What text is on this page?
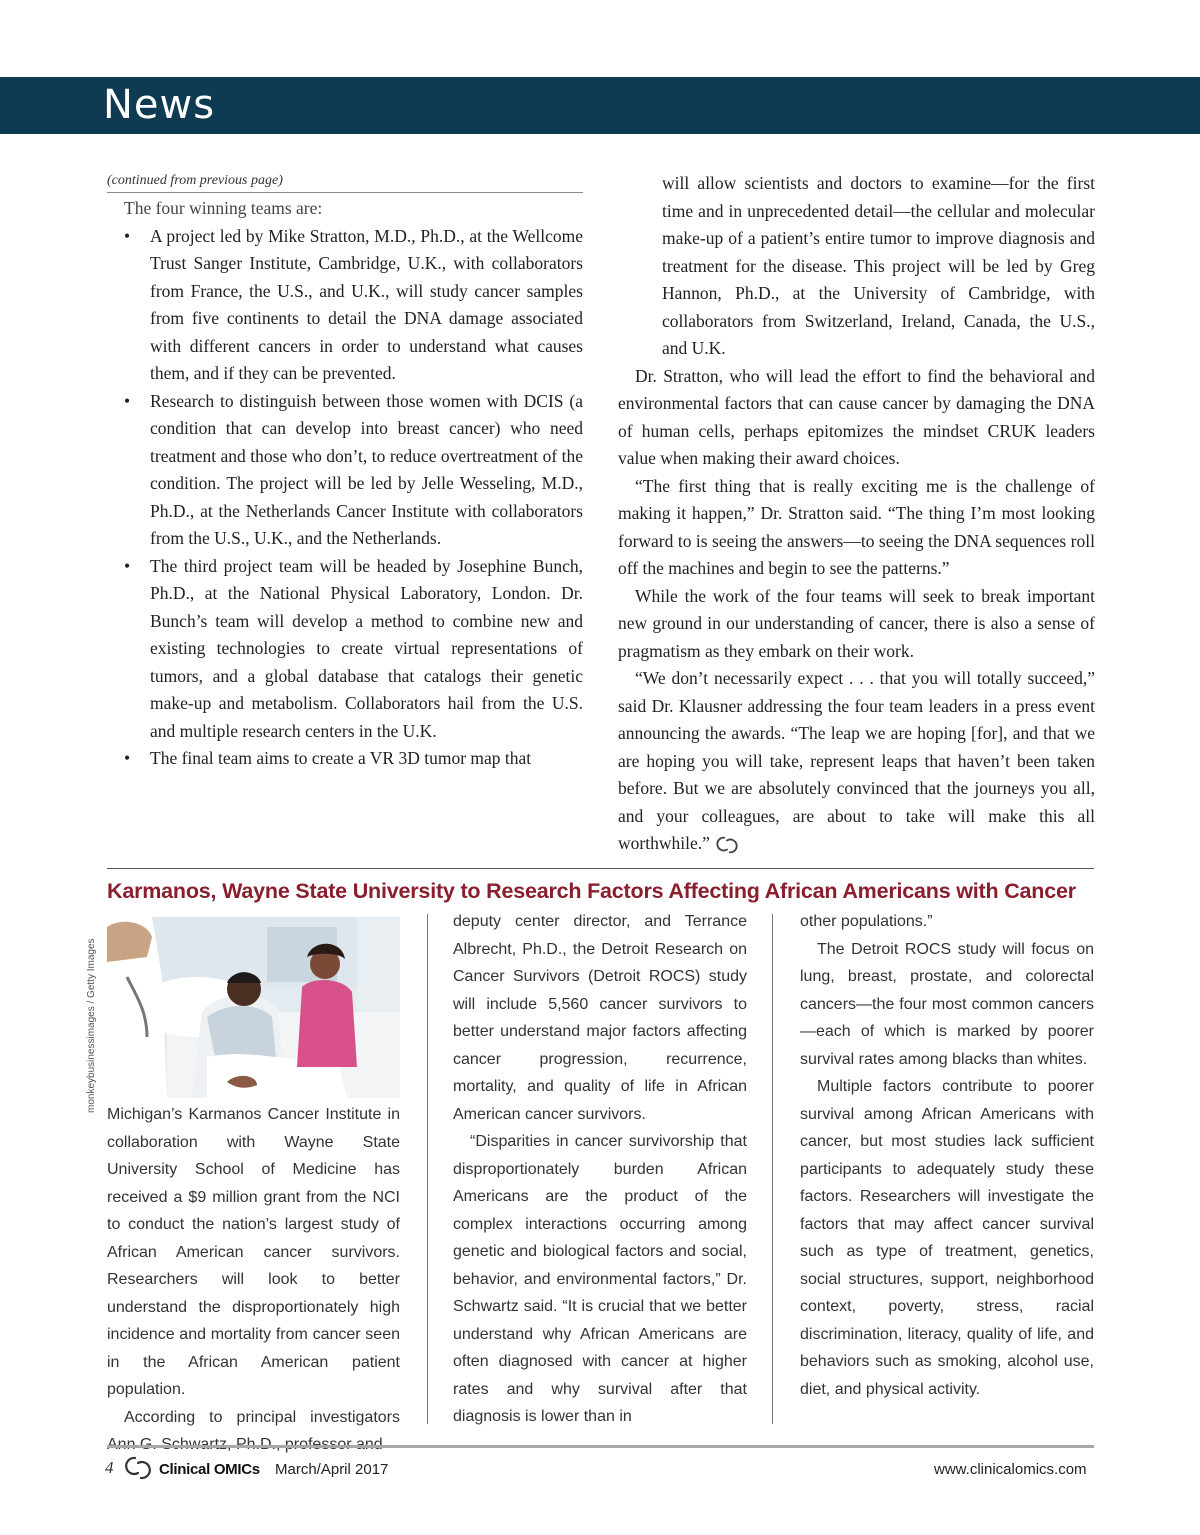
News
(continued from previous page)

The four winning teams are:

• A project led by Mike Stratton, M.D., Ph.D., at the Wellcome Trust Sanger Institute, Cambridge, U.K., with collaborators from France, the U.S., and U.K., will study cancer samples from five continents to detail the DNA damage associated with different cancers in order to understand what causes them, and if they can be prevented.
• Research to distinguish between those women with DCIS (a condition that can develop into breast cancer) who need treatment and those who don’t, to reduce overtreatment of the condition. The project will be led by Jelle Wesseling, M.D., Ph.D., at the Netherlands Cancer Institute with collaborators from the U.S., U.K., and the Netherlands.
• The third project team will be headed by Josephine Bunch, Ph.D., at the National Physical Laboratory, London. Dr. Bunch’s team will develop a method to combine new and existing technologies to create virtual representations of tumors, and a global database that catalogs their genetic make-up and metabolism. Collaborators hail from the U.S. and multiple research centers in the U.K.
• The final team aims to create a VR 3D tumor map that

will allow scientists and doctors to examine—for the first time and in unprecedented detail—the cellular and molecular make-up of a patient’s entire tumor to improve diagnosis and treatment for the disease. This project will be led by Greg Hannon, Ph.D., at the University of Cambridge, with collaborators from Switzerland, Ireland, Canada, the U.S., and U.K.

Dr. Stratton, who will lead the effort to find the behavioral and environmental factors that can cause cancer by damaging the DNA of human cells, perhaps epitomizes the mindset CRUK leaders value when making their award choices.

“The first thing that is really exciting me is the challenge of making it happen,” Dr. Stratton said. “The thing I’m most looking forward to is seeing the answers—to seeing the DNA sequences roll off the machines and begin to see the patterns.”

While the work of the four teams will seek to break important new ground in our understanding of cancer, there is also a sense of pragmatism as they embark on their work.

“We don’t necessarily expect . . . that you will totally succeed,” said Dr. Klausner addressing the four team leaders in a press event announcing the awards. “The leap we are hoping [for], and that we are hoping you will take, represent leaps that haven’t been taken before. But we are absolutely convinced that the journeys you all, and your colleagues, are about to take will make this all worthwhile.”

Karmanos, Wayne State University to Research Factors Affecting African Americans with Cancer
monkeybusinessimages / Getty Images

Michigan’s Karmanos Cancer Institute in collaboration with Wayne State University School of Medicine has received a $9 million grant from the NCI to conduct the nation’s largest study of African American cancer survivors. Researchers will look to better understand the disproportionately high incidence and mortality from cancer seen in the African American patient population.

According to principal investigators

deputy center director, and Terrance Albrecht, Ph.D., the Detroit Research on Cancer Survivors (Detroit ROCS) study will include 5,560 cancer survivors to better understand major factors affecting cancer progression, recurrence, mortality, and quality of life in African American cancer survivors.

“Disparities in cancer survivorship that disproportionately burden African Americans are the product of the complex interactions occurring among genetic and biological factors and social, behavior, and environmental factors,” Dr. Schwartz said. “It is crucial that we better understand why African Americans are often diagnosed with cancer at higher rates and why survival after that diagnosis is lower than in

other populations.”

The Detroit ROCS study will focus on lung, breast, prostate, and colorectal cancers—the four most common cancers—each of which is marked by poorer survival rates among blacks than whites.

Multiple factors contribute to poorer survival among African Americans with cancer, but most studies lack sufficient participants to adequately study these factors. Researchers will investigate the factors that may affect cancer survival such as type of treatment, genetics, social structures, support, neighborhood context, poverty, stress, racial discrimination, literacy, quality of life, and behaviors such as smoking, alcohol use, diet, and physical activity.

4	Clinical OMICs March/April 2017	www.clinicalomics.com
